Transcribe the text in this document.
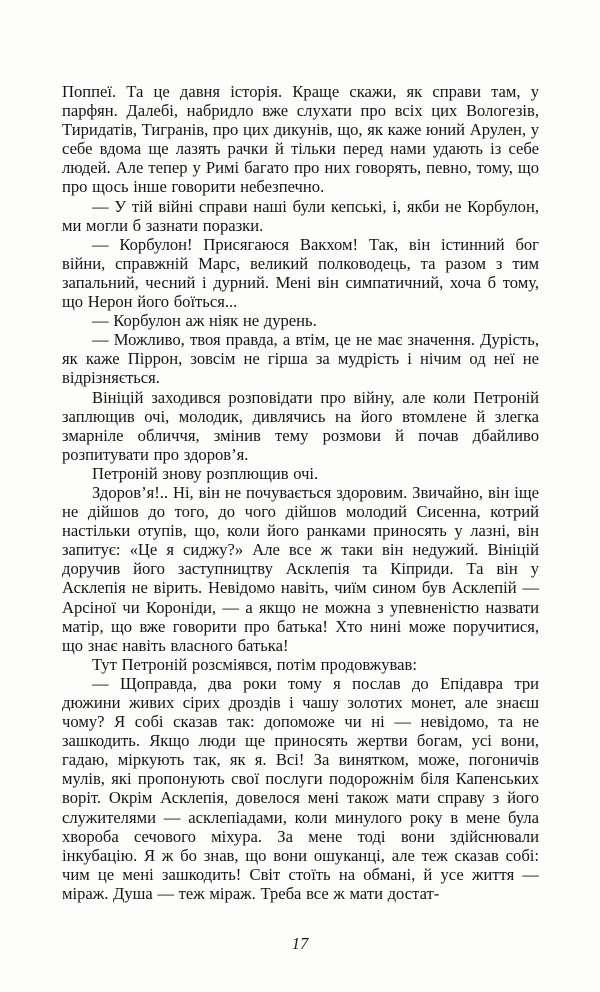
Поппеї. Та це давня історія. Краще скажи, як справи там, у парфян. Далебі, набридло вже слухати про всіх цих Вологезів, Тиридатів, Тигранів, про цих дикунів, що, як каже юний Арулен, у себе вдома ще лазять рачки й тільки перед нами удають із себе людей. Але тепер у Римі багато про них говорять, певно, тому, що про щось інше говорити небезпечно.

— У тій війні справи наші були кепські, і, якби не Корбулон, ми могли б зазнати поразки.

— Корбулон! Присягаюся Вакхом! Так, він істинний бог війни, справжній Марс, великий полководець, та разом з тим запальний, чесний і дурний. Мені він симпатичний, хоча б тому, що Нерон його боїться...

— Корбулон аж ніяк не дурень.

— Можливо, твоя правда, а втім, це не має значення. Дурість, як каже Піррон, зовсім не гірша за мудрість і нічим од неї не відрізняється.

Вініцій заходився розповідати про війну, але коли Петроній заплющив очі, молодик, дивлячись на його втомлене й злегка змарніле обличчя, змінив тему розмови й почав дбайливо розпитувати про здоров’я.

Петроній знову розплющив очі.

Здоров’я!.. Ні, він не почувається здоровим. Звичайно, він іще не дійшов до того, до чого дійшов молодий Сисенна, котрий настільки отупів, що, коли його ранками приносять у лазні, він запитує: «Це я сиджу?» Але все ж таки він недужий. Вініцій доручив його заступництву Асклепія та Кіприди. Та він у Асклепія не вірить. Невідомо навіть, чиїм сином був Асклепій — Арсіної чи Короніди, — а якщо не можна з упевненістю назвати матір, що вже говорити про батька! Хто нині може поручитися, що знає навіть власного батька!

Тут Петроній розсміявся, потім продовжував:

— Щоправда, два роки тому я послав до Епідавра три дюжини живих сірих дроздів і чашу золотих монет, але знаєш чому? Я собі сказав так: допоможе чи ні — невідомо, та не зашкодить. Якщо люди ще приносять жертви богам, усі вони, гадаю, міркують так, як я. Всі! За винятком, може, погоничів мулів, які пропонують свої послуги подорожнім біля Капенських воріт. Окрім Асклепія, довелося мені також мати справу з його служителями — асклепіадами, коли минулого року в мене була хвороба сечового міхура. За мене тоді вони здійснювали інкубацію. Я ж бо знав, що вони ошуканці, але теж сказав собі: чим це мені зашкодить! Світ стоїть на обмані, й усе життя — міраж. Душа — теж міраж. Треба все ж мати достат-

17
